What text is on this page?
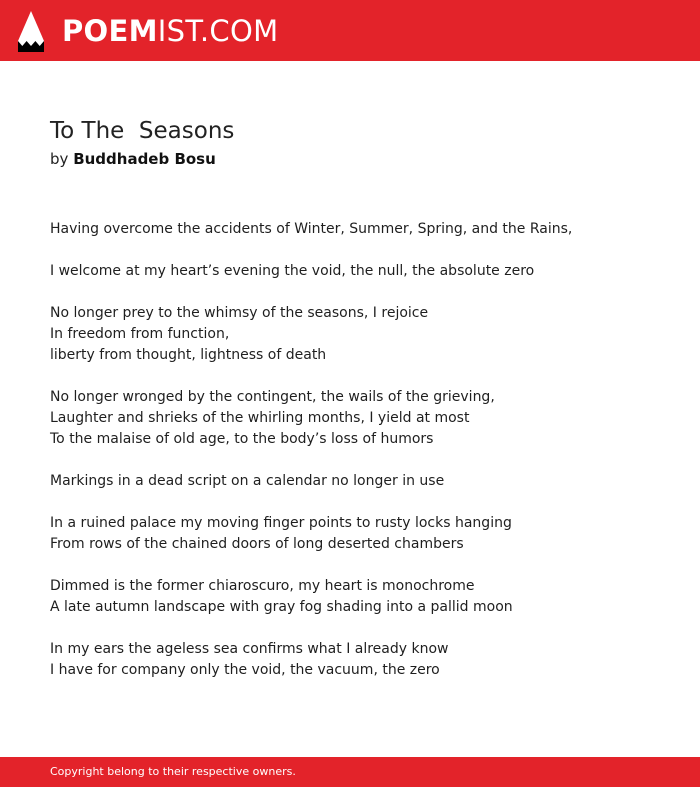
POEMIST.COM
To The  Seasons
by Buddhadeb Bosu
Having overcome the accidents of Winter, Summer, Spring, and the Rains,
I welcome at my heart’s evening the void, the null, the absolute zero
No longer prey to the whimsy of the seasons, I rejoice
In freedom from function,
liberty from thought, lightness of death
No longer wronged by the contingent, the wails of the grieving,
Laughter and shrieks of the whirling months, I yield at most
To the malaise of old age, to the body’s loss of humors
Markings in a dead script on a calendar no longer in use
In a ruined palace my moving finger points to rusty locks hanging
From rows of the chained doors of long deserted chambers
Dimmed is the former chiaroscuro, my heart is monochrome
A late autumn landscape with gray fog shading into a pallid moon
In my ears the ageless sea confirms what I already know
I have for company only the void, the vacuum, the zero
Copyright belong to their respective owners.
